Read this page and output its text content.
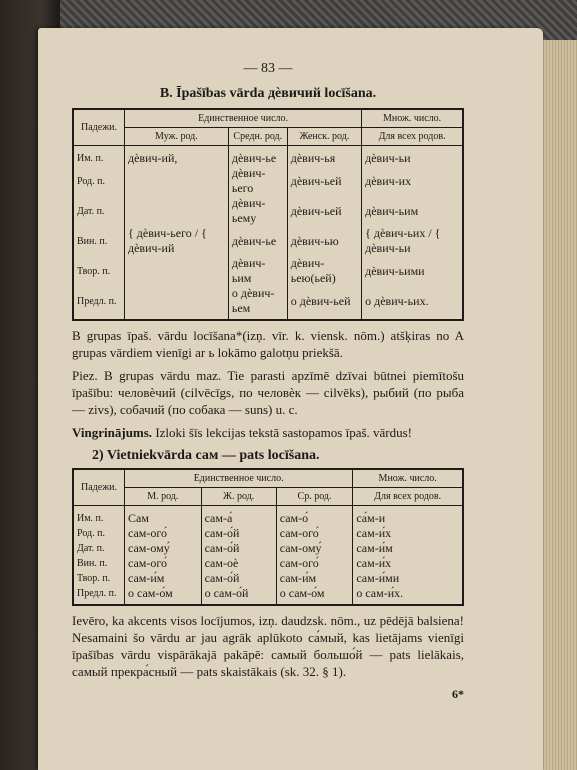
— 83 —
B. Īpašības vārda дѐвичий locīšana.
Падежи.	Единственное число.			Множ. число.
	Муж. род.	Средн. род.	Женск. род.	Для всех родов.
Им. п.	дѐвич-ий,	дѐвич-ье	дѐвич-ья	дѐвич-ьи
Род. п.		дѐвич-ьего	дѐвич-ьей	дѐвич-их
Дат. п.		дѐвич-ьему	дѐвич-ьей	дѐвич-ьим
Вин. п.	{ дѐвич-ьего / { дѐвич-ий	дѐвич-ье	дѐвич-ью	{ дѐвич-ьих / { дѐвич-ьи
Твор. п.		дѐвич-ьим	дѐвич-ьею(ьей)	дѐвич-ьими
Предл. п.		о дѐвич-ьем	о дѐвич-ьей	о дѐвич-ьих.

B grupas īpaš. vārdu locīšana*(izņ. vīr. k. viensk. nōm.) atšķiras no A grupas vārdiem vienīgi ar ь lokāmo galotņu priekšā.

Piez. B grupas vārdu maz. Tie parasti apzīmē dzīvai būtnei piemītošu īpašību: человѐчий (cilvēcīgs, по человѐк — cilvēks), рыбий (по рыба — zivs), собачий (по собака — suns) u. c.

Vingrinājums. Izloki šīs lekcijas tekstā sastopamos īpaš. vārdus!

2) Vietniekvārda сам — pats locīšana.
Падежи.	Единственное число.			Множ. число.
	М. род.	Ж. род.	Ср. род.	Для всех родов.
Им. п.	Сам	сам-а́	сам-о́	са́м-и
Род. п.	сам-ого́	сам-о́й	сам-ого́	сам-и́х
Дат. п.	сам-ому́	сам-о́й	сам-ому́	сам-и́м
Вин. п.	сам-ого́	сам-оѐ	сам-ого́	сам-и́х
Твор. п.	сам-и́м	сам-о́й	сам-и́м	сам-и́ми
Предл. п.	о сам-о́м	о сам-о́й	о сам-о́м	о сам-и́х.

Ievēro, ka akcents visos locījumos, izņ. daudzsk. nōm., uz pēdējā balsienа! Nesamaini šo vārdu ar jau agrāk aplūkoto са́мый, kas lietājams vienīgi īpašības vārdu vispārākajā pakāpē: самый большо́й — pats lielākais, самый прекра́сный — pats skaistākais (sk. 32. § 1).

6*
